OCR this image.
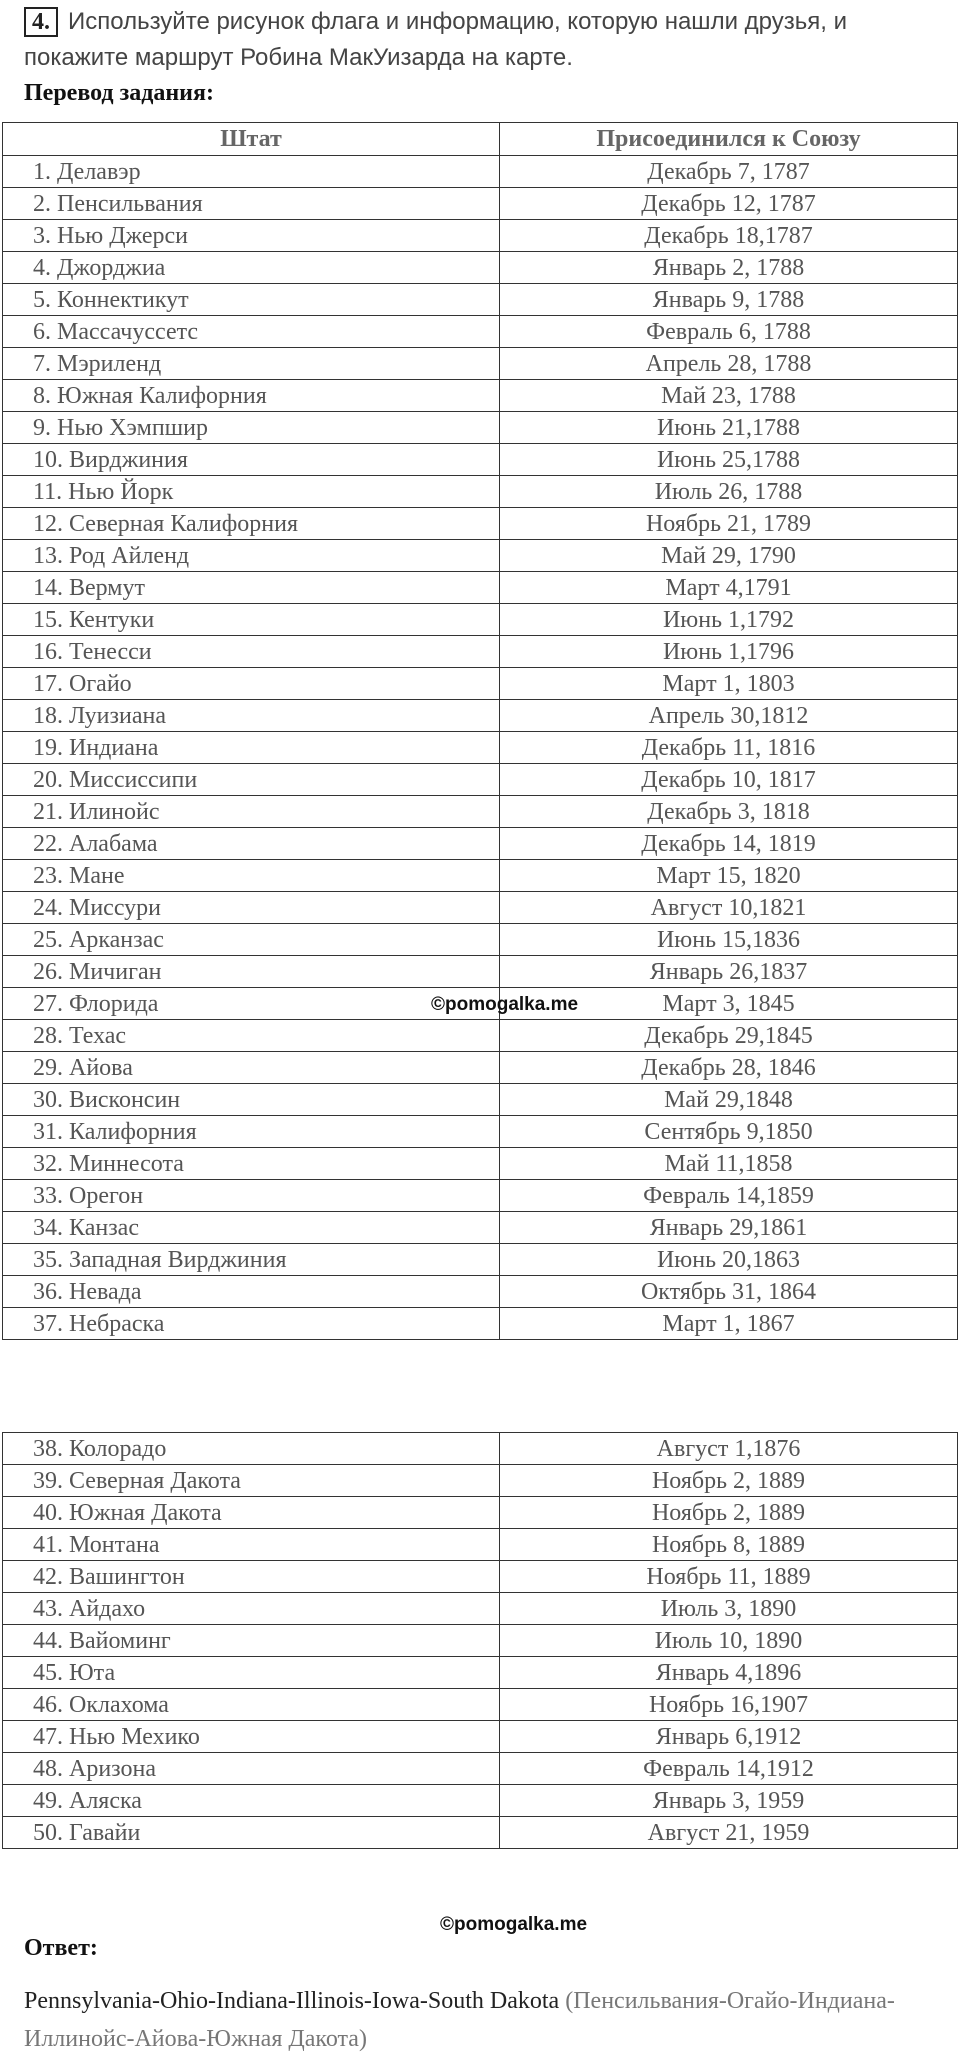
4. Используйте рисунок флага и информацию, которую нашли друзья, и покажите маршрут Робина МакУизарда на карте.
Перевод задания:
Штат	Присоединился к Союзу
1. Делавэр	Декабрь 7, 1787
2. Пенсильвания	Декабрь 12, 1787
3. Нью Джерси	Декабрь 18,1787
4. Джорджиа	Январь 2, 1788
5. Коннектикут	Январь 9, 1788
6. Массачуссетс	Февраль 6, 1788
7. Мэриленд	Апрель 28, 1788
8. Южная Калифорния	Май 23, 1788
9. Нью Хэмпшир	Июнь 21,1788
10. Вирджиния	Июнь 25,1788
11. Нью Йорк	Июль 26, 1788
12. Северная Калифорния	Ноябрь 21, 1789
13. Род Айленд	Май 29, 1790
14. Вермут	Март 4,1791
15. Кентуки	Июнь 1,1792
16. Тенесси	Июнь 1,1796
17. Огайо	Март 1, 1803
18. Луизиана	Апрель 30,1812
19. Индиана	Декабрь 11, 1816
20. Миссиссипи	Декабрь 10, 1817
21. Илинойс	Декабрь 3, 1818
22. Алабама	Декабрь 14, 1819
23. Мане	Март 15, 1820
24. Миссури	Август 10,1821
25. Арканзас	Июнь 15,1836
26. Мичиган	Январь 26,1837
27. Флорида	Март 3, 1845
28. Техас	Декабрь 29,1845
29. Айова	Декабрь 28, 1846
30. Висконсин	Май 29,1848
31. Калифорния	Сентябрь 9,1850
32. Миннесота	Май 11,1858
33. Орегон	Февраль 14,1859
34. Канзас	Январь 29,1861
35. Западная Вирджиния	Июнь 20,1863
36. Невада	Октябрь 31, 1864
37. Небраска	Март 1, 1867
©pomogalka.me
38. Колорадо	Август 1,1876
39. Северная Дакота	Ноябрь 2, 1889
40. Южная Дакота	Ноябрь 2, 1889
41. Монтана	Ноябрь 8, 1889
42. Вашингтон	Ноябрь 11, 1889
43. Айдахо	Июль 3, 1890
44. Вайоминг	Июль 10, 1890
45. Юта	Январь 4,1896
46. Оклахома	Ноябрь 16,1907
47. Нью Мехико	Январь 6,1912
48. Аризона	Февраль 14,1912
49. Аляска	Январь 3, 1959
50. Гавайи	Август 21, 1959
©pomogalka.me
Ответ:
Pennsylvania-Ohio-Indiana-Illinois-Iowa-South Dakota (Пенсильвания-Огайо-Индиана-Иллинойс-Айова-Южная Дакота)
